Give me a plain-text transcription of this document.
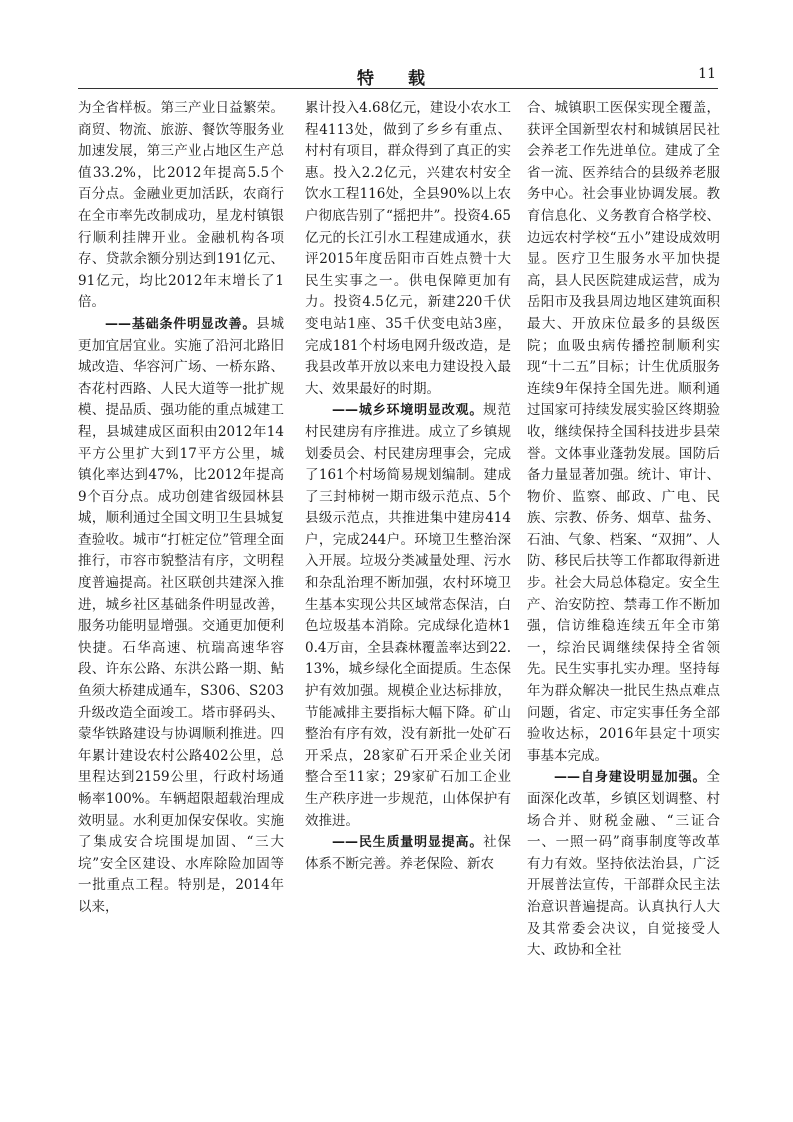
特 载	11

为全省样板。第三产业日益繁荣。商贸、物流、旅游、餐饮等服务业加速发展，第三产业占地区生产总值33.2%，比2012年提高5.5个百分点。金融业更加活跃，农商行在全市率先改制成功，星龙村镇银行顺利挂牌开业。金融机构各项存、贷款余额分别达到191亿元、91亿元，均比2012年末增长了1倍。

——基础条件明显改善。县城更加宜居宜业。实施了沿河北路旧城改造、华容河广场、一桥东路、杏花村西路、人民大道等一批扩规模、提品质、强功能的重点城建工程，县城建成区面积由2012年14平方公里扩大到17平方公里，城镇化率达到47%，比2012年提高9个百分点。成功创建省级园林县城，顺利通过全国文明卫生县城复查验收。城市“打桩定位”管理全面推行，市容市貌整洁有序，文明程度普遍提高。社区联创共建深入推进，城乡社区基础条件明显改善，服务功能明显增强。交通更加便利快捷。石华高速、杭瑞高速华容段、许东公路、东洪公路一期、鲇鱼须大桥建成通车，S306、S203升级改造全面竣工。塔市驿码头、蒙华铁路建设与协调顺利推进。四年累计建设农村公路402公里，总里程达到2159公里，行政村场通畅率100%。车辆超限超载治理成效明显。水利更加保安保收。实施了集成安合垸围堤加固、“三大垸”安全区建设、水库除险加固等一批重点工程。特别是，2014年以来，

累计投入4.68亿元，建设小农水工程4113处，做到了乡乡有重点、村村有项目，群众得到了真正的实惠。投入2.2亿元，兴建农村安全饮水工程116处，全县90%以上农户彻底告别了“摇把井”。投资4.65亿元的长江引水工程建成通水，获评2015年度岳阳市百姓点赞十大民生实事之一。供电保障更加有力。投资4.5亿元，新建220千伏变电站1座、35千伏变电站3座，完成181个村场电网升级改造，是我县改革开放以来电力建设投入最大、效果最好的时期。

——城乡环境明显改观。规范村民建房有序推进。成立了乡镇规划委员会、村民建房理事会，完成了161个村场简易规划编制。建成了三封柿树一期市级示范点、5个县级示范点，共推进集中建房414户，完成244户。环境卫生整治深入开展。垃圾分类减量处理、污水和杂乱治理不断加强，农村环境卫生基本实现公共区域常态保洁，白色垃圾基本消除。完成绿化造林10.4万亩，全县森林覆盖率达到22.13%，城乡绿化全面提质。生态保护有效加强。规模企业达标排放，节能减排主要指标大幅下降。矿山整治有序有效，没有新批一处矿石开采点，28家矿石开采企业关闭整合至11家；29家矿石加工企业生产秩序进一步规范，山体保护有效推进。

——民生质量明显提高。社保体系不断完善。养老保险、新农

合、城镇职工医保实现全覆盖，获评全国新型农村和城镇居民社会养老工作先进单位。建成了全省一流、医养结合的县级养老服务中心。社会事业协调发展。教育信息化、义务教育合格学校、边远农村学校“五小”建设成效明显。医疗卫生服务水平加快提高，县人民医院建成运营，成为岳阳市及我县周边地区建筑面积最大、开放床位最多的县级医院；血吸虫病传播控制顺利实现“十二五”目标；计生优质服务连续9年保持全国先进。顺利通过国家可持续发展实验区终期验收，继续保持全国科技进步县荣誉。文体事业蓬勃发展。国防后备力量显著加强。统计、审计、物价、监察、邮政、广电、民族、宗教、侨务、烟草、盐务、石油、气象、档案、“双拥”、人防、移民后扶等工作都取得新进步。社会大局总体稳定。安全生产、治安防控、禁毒工作不断加强，信访维稳连续五年全市第一，综治民调继续保持全省领先。民生实事扎实办理。坚持每年为群众解决一批民生热点难点问题，省定、市定实事任务全部验收达标，2016年县定十项实事基本完成。

——自身建设明显加强。全面深化改革，乡镇区划调整、村场合并、财税金融、“三证合一、一照一码”商事制度等改革有力有效。坚持依法治县，广泛开展普法宣传，干部群众民主法治意识普遍提高。认真执行人大及其常委会决议，自觉接受人大、政协和全社
